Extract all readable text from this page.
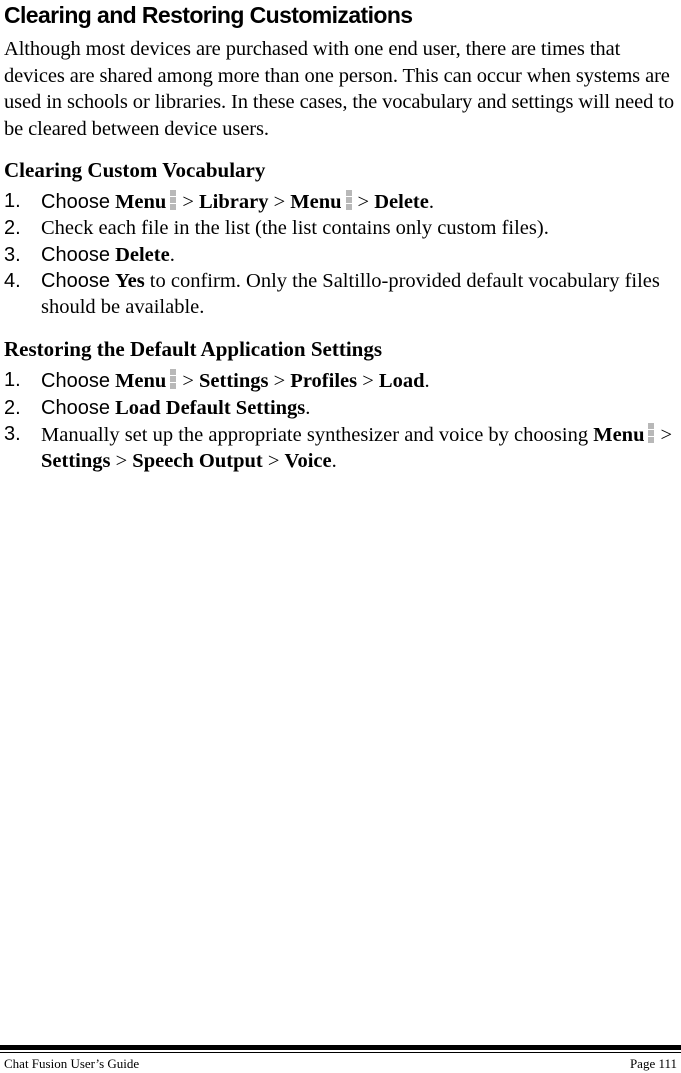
Clearing and Restoring Customizations

Although most devices are purchased with one end user, there are times that devices are shared among more than one person. This can occur when systems are used in schools or libraries. In these cases, the vocabulary and settings will need to be cleared between device users.

Clearing Custom Vocabulary
1. Choose Menu > Library > Menu > Delete.
2. Check each file in the list (the list contains only custom files).
3. Choose Delete.
4. Choose Yes to confirm. Only the Saltillo-provided default vocabulary files should be available.
Restoring the Default Application Settings
1. Choose Menu > Settings > Profiles > Load.
2. Choose Load Default Settings.
3. Manually set up the appropriate synthesizer and voice by choosing Menu > Settings > Speech Output > Voice.
Chat Fusion User’s Guide	Page 111
